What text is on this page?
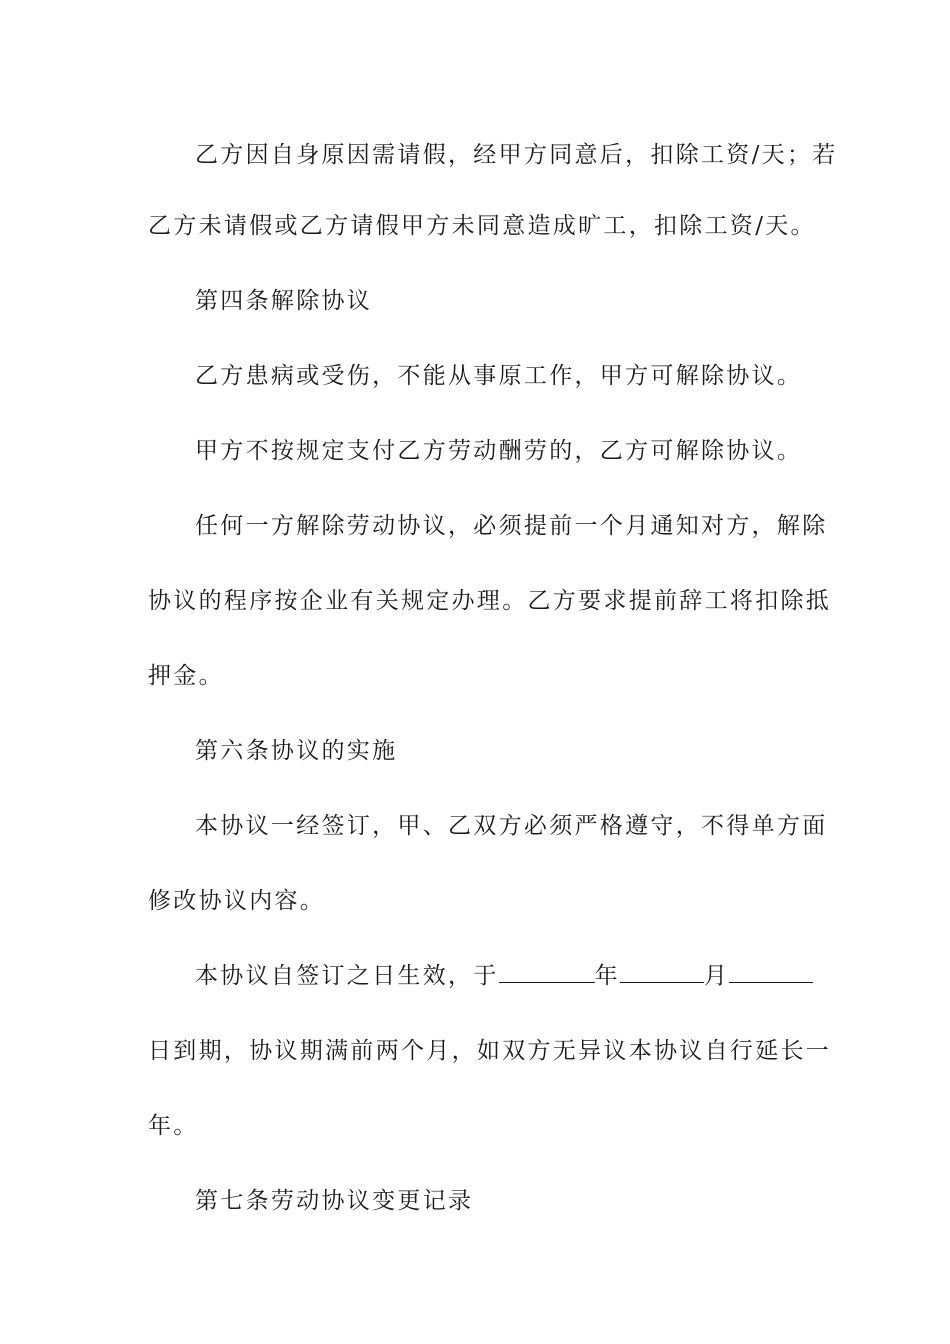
乙方因自身原因需请假，经甲方同意后，扣除工资/天；若
乙方未请假或乙方请假甲方未同意造成旷工，扣除工资/天。
第四条解除协议
乙方患病或受伤，不能从事原工作，甲方可解除协议。
甲方不按规定支付乙方劳动酬劳的，乙方可解除协议。
任何一方解除劳动协议，必须提前一个月通知对方，解除
协议的程序按企业有关规定办理。乙方要求提前辞工将扣除抵
押金。
第六条协议的实施
本协议一经签订，甲、乙双方必须严格遵守，不得单方面
修改协议内容。
本协议自签订之日生效，于	年	月
日到期，协议期满前两个月，如双方无异议本协议自行延长一
年。
第七条劳动协议变更记录
